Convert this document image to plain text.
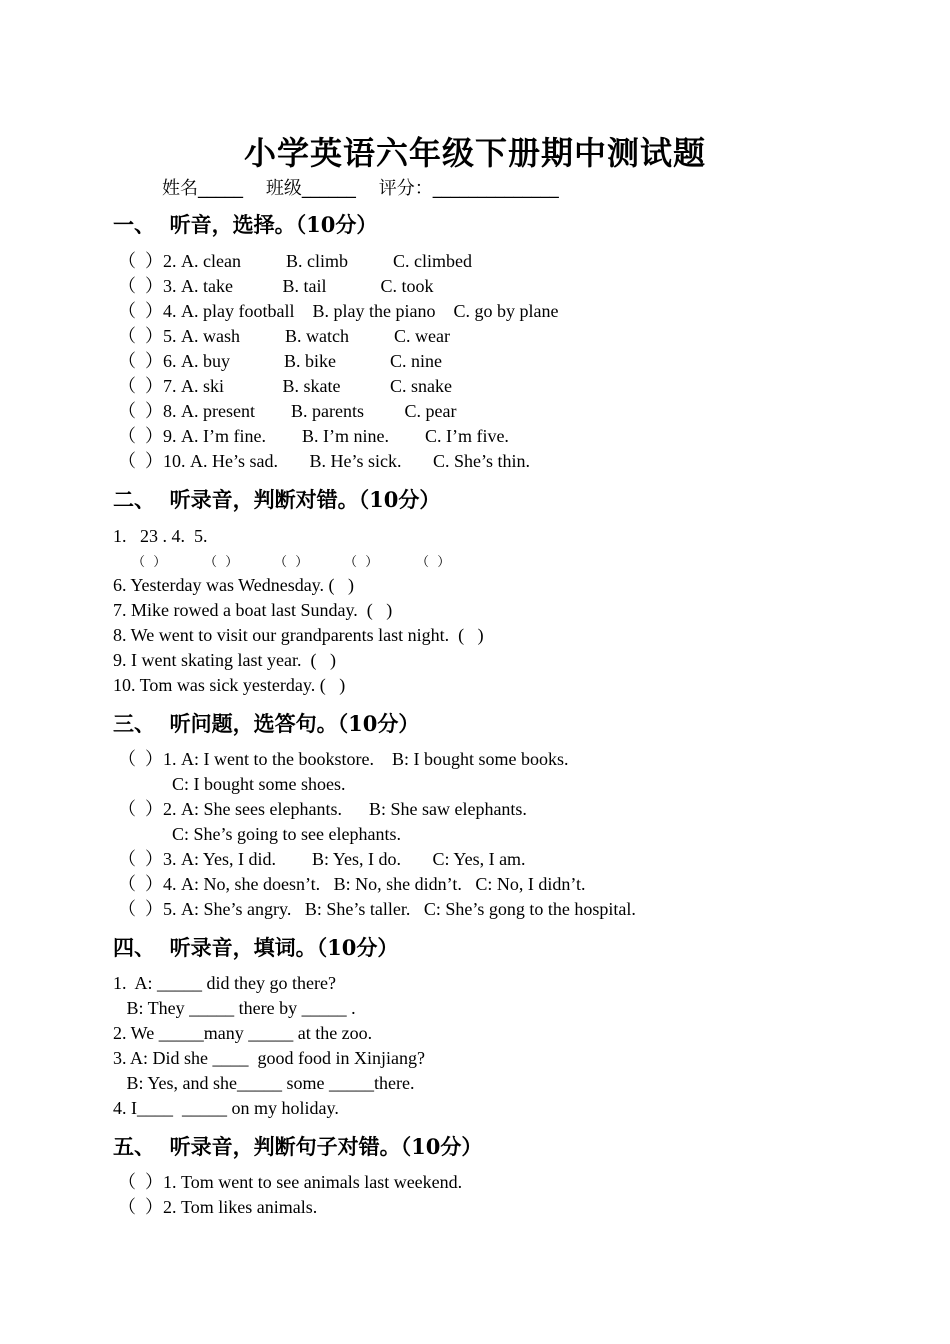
小学英语六年级下册期中测试题
姓名_____    班级______    评分：______________
一、  听音，选择。（10分）
（  ）2. A. clean          B. climb          C. climbed
（  ）3. A. take           B. tail            C. took
（  ）4. A. play football    B. play the piano    C. go by plane
（  ）5. A. wash          B. watch          C. wear
（  ）6. A. buy            B. bike            C. nine
（  ）7. A. ski             B. skate           C. snake
（  ）8. A. present        B. parents         C. pear
（  ）9. A. I’m fine.        B. I’m nine.        C. I’m five.
（  ）10. A. He’s sad.       B. He’s sick.       C. She’s thin.
二、  听录音，判断对错。（10分）
1.   23 . 4.  5.
（  ）	（  ）	（  ）	（  ）	（  ）
6. Yesterday was Wednesday. (   )
7. Mike rowed a boat last Sunday.  (   )
8. We went to visit our grandparents last night.  (   )
9. I went skating last year.  (   )
10. Tom was sick yesterday. (   )
三、  听问题，选答句。（10分）
（  ）1. A: I went to the bookstore.    B: I bought some books.
C: I bought some shoes.
（  ）2. A: She sees elephants.      B: She saw elephants.
C: She’s going to see elephants.
（  ）3. A: Yes, I did.        B: Yes, I do.       C: Yes, I am.
（  ）4. A: No, she doesn’t.   B: No, she didn’t.   C: No, I didn’t.
（  ）5. A: She’s angry.   B: She’s taller.   C: She’s gong to the hospital.
四、  听录音，填词。（10分）
1.  A: _____ did they go there?
B: They _____ there by _____ .
2. We _____many _____ at the zoo.
3. A: Did she ____  good food in Xinjiang?
B: Yes, and she_____ some _____there.
4. I____  _____ on my holiday.
五、  听录音，判断句子对错。（10分）
（  ）1. Tom went to see animals last weekend.
（  ）2. Tom likes animals.
